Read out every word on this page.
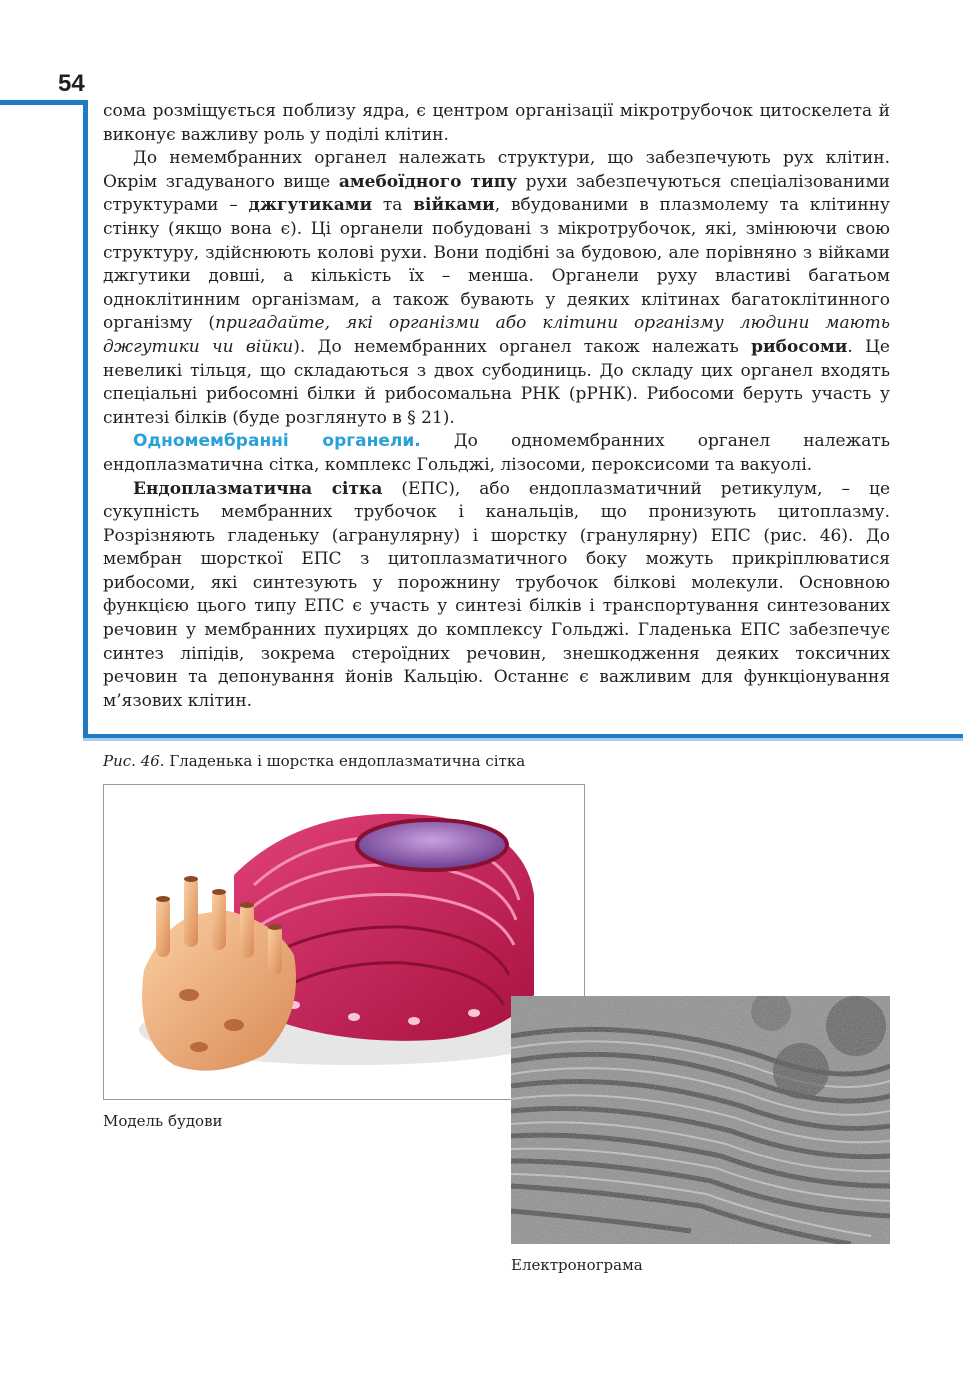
54

сома розміщується поблизу ядра, є центром організації мікротрубочок цитоскелета й виконує важливу роль у поділі клітин.

До немембранних органел належать структури, що забезпечують рух клітин. Окрім згадуваного вище амебоїдного типу рухи забезпечуються спеціалізованими структурами – джгутиками та війками, вбудованими в плазмолему та клітинну стінку (якщо вона є). Ці органели побудовані з мікротрубочок, які, змінюючи свою структуру, здійснюють колові рухи. Вони подібні за будовою, але порівняно з війками джгутики довші, а кількість їх – менша. Органели руху властиві багатьом одноклітинним організмам, а також бувають у деяких клітинах багатоклітинного організму (пригадайте, які організми або клітини організму людини мають джгутики чи війки). До немембранних органел також належать рибосоми. Це невеликі тільця, що складаються з двох субодиниць. До складу цих органел входять спеціальні рибосомні білки й рибосомальна РНК (рРНК). Рибосоми беруть участь у синтезі білків (буде розглянуто в § 21).

Одномембранні органели. До одномембранних органел належать ендоплазматична сітка, комплекс Гольджі, лізосоми, пероксисоми та вакуолі.

Ендоплазматична сітка (ЕПС), або ендоплазматичний ретикулум, – це сукупність мембранних трубочок і канальців, що пронизують цитоплазму. Розрізняють гладеньку (агранулярну) і шорстку (гранулярну) ЕПС (рис. 46). До мембран шорсткої ЕПС з цитоплазматичного боку можуть прикріплюватися рибосоми, які синтезують у порожнину трубочок білкові молекули. Основною функцією цього типу ЕПС є участь у синтезі білків і транспортування синтезованих речовин у мембранних пухирцях до комплексу Гольджі. Гладенька ЕПС забезпечує синтез ліпідів, зокрема стероїдних речовин, знешкодження деяких токсичних речовин та депонування йонів Кальцію. Останнє є важливим для функціонування м’язових клітин.

Рис. 46. Гладенька і шорстка ендоплазматична сітка
Модель будови
Електронограма
